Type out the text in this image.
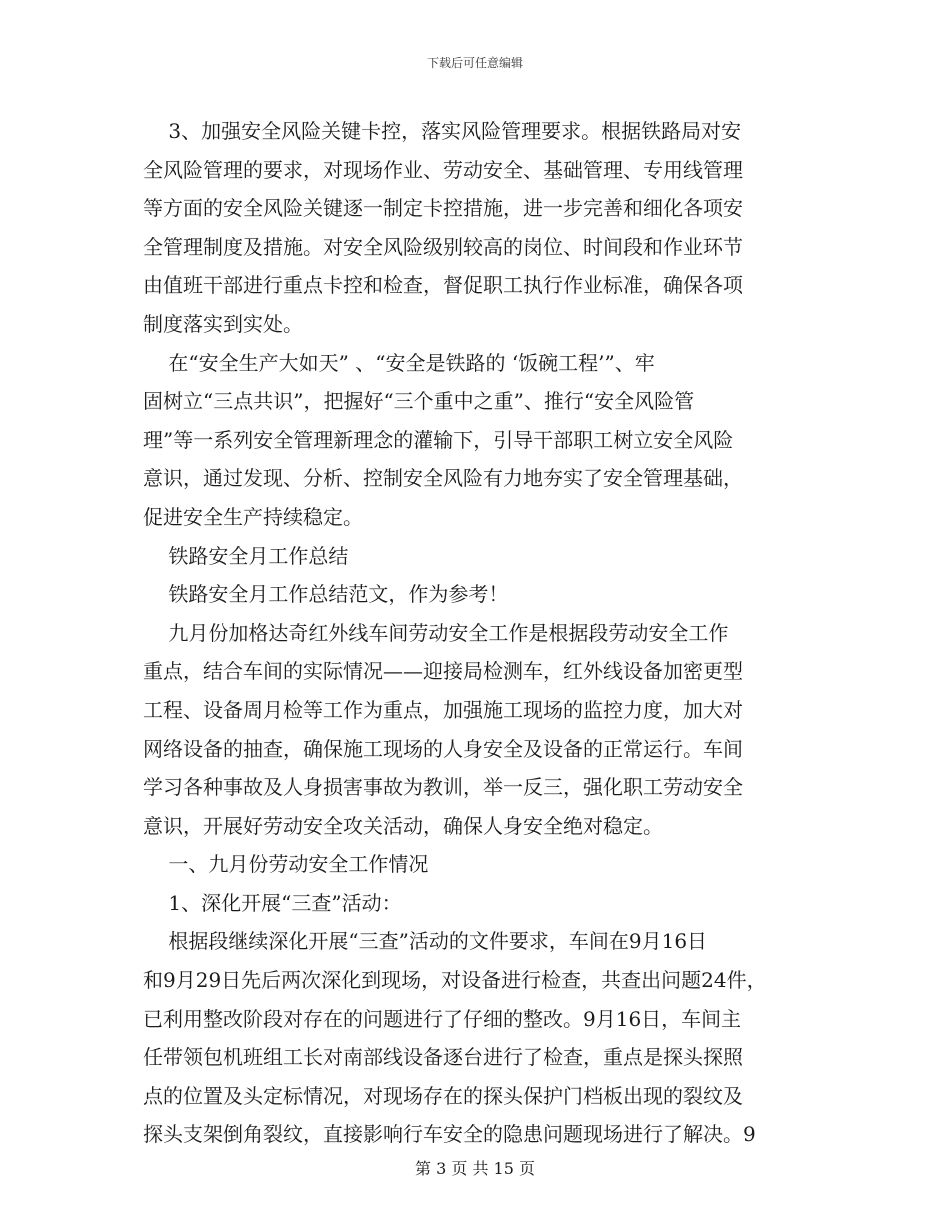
下载后可任意编辑
3、加强安全风险关键卡控，落实风险管理要求。根据铁路局对安
全风险管理的要求，对现场作业、劳动安全、基础管理、专用线管理
等方面的安全风险关键逐一制定卡控措施，进一步完善和细化各项安
全管理制度及措施。对安全风险级别较高的岗位、时间段和作业环节
由值班干部进行重点卡控和检查，督促职工执行作业标准，确保各项
制度落实到实处。
在“安全生产大如天” 、“安全是铁路的 ‘饭碗工程’”、牢
固树立“三点共识”，把握好“三个重中之重”、推行“安全风险管
理”等一系列安全管理新理念的灌输下，引导干部职工树立安全风险
意识，通过发现、分析、控制安全风险有力地夯实了安全管理基础，
促进安全生产持续稳定。
铁路安全月工作总结
铁路安全月工作总结范文，作为参考！
九月份加格达奇红外线车间劳动安全工作是根据段劳动安全工作
重点，结合车间的实际情况——迎接局检测车，红外线设备加密更型
工程、设备周月检等工作为重点，加强施工现场的监控力度，加大对
网络设备的抽查，确保施工现场的人身安全及设备的正常运行。车间
学习各种事故及人身损害事故为教训，举一反三，强化职工劳动安全
意识，开展好劳动安全攻关活动，确保人身安全绝对稳定。
一、九月份劳动安全工作情况
1、深化开展“三查”活动：
根据段继续深化开展“三查”活动的文件要求，车间在9月16日
和9月29日先后两次深化到现场，对设备进行检查，共查出问题24件，
已利用整改阶段对存在的问题进行了仔细的整改。9月16日，车间主
任带领包机班组工长对南部线设备逐台进行了检查，重点是探头探照
点的位置及头定标情况，对现场存在的探头保护门档板出现的裂纹及
探头支架倒角裂纹，直接影响行车安全的隐患问题现场进行了解决。9
第 3 页 共 15 页
